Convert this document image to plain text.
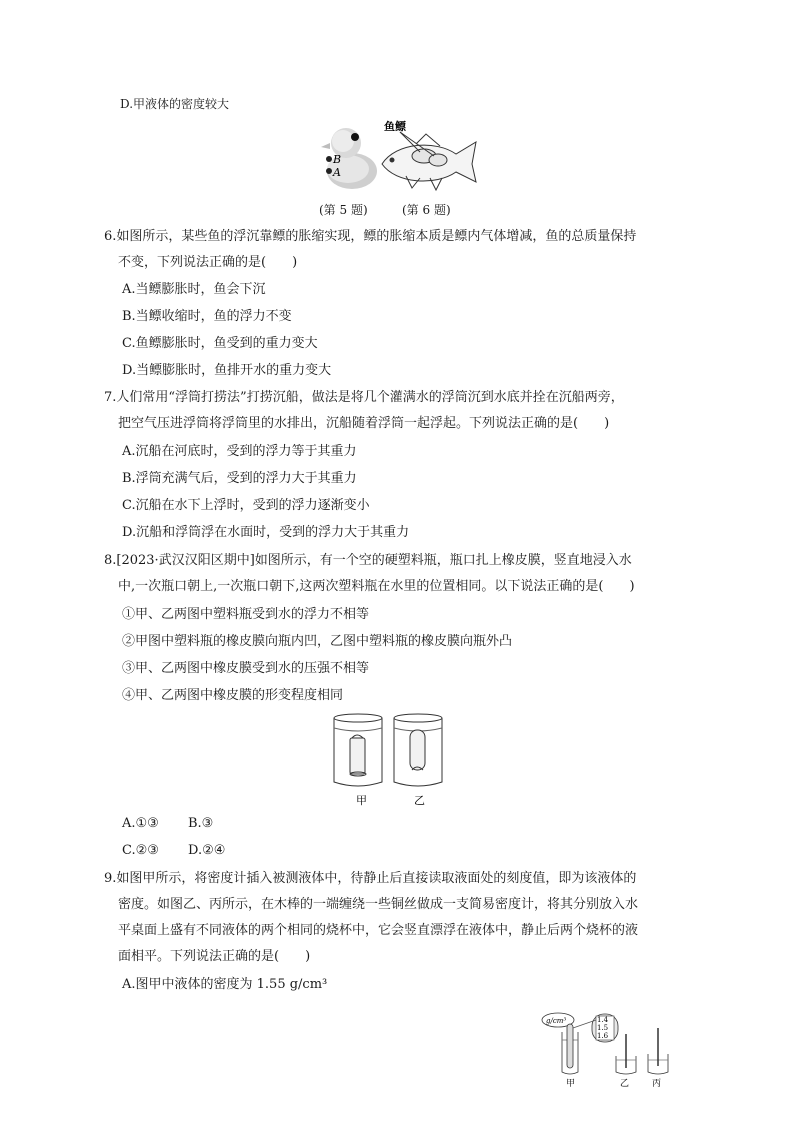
D.甲液体的密度较大
B
A
鱼鳔
(第 5 题)	(第 6 题)
6.如图所示，某些鱼的浮沉靠鳔的胀缩实现，鳔的胀缩本质是鳔内气体增减，鱼的总质量保持
不变，下列说法正确的是(　　)
A.当鳔膨胀时，鱼会下沉
B.当鳔收缩时，鱼的浮力不变
C.鱼鳔膨胀时，鱼受到的重力变大
D.当鳔膨胀时，鱼排开水的重力变大
7.人们常用“浮筒打捞法”打捞沉船，做法是将几个灌满水的浮筒沉到水底并拴在沉船两旁，
把空气压进浮筒将浮筒里的水排出，沉船随着浮筒一起浮起。下列说法正确的是(　　)
A.沉船在河底时，受到的浮力等于其重力
B.浮筒充满气后，受到的浮力大于其重力
C.沉船在水下上浮时，受到的浮力逐渐变小
D.沉船和浮筒浮在水面时，受到的浮力大于其重力
8.[2023·武汉汉阳区期中]如图所示，有一个空的硬塑料瓶，瓶口扎上橡皮膜，竖直地浸入水
中,一次瓶口朝上,一次瓶口朝下,这两次塑料瓶在水里的位置相同。以下说法正确的是(　　)
①甲、乙两图中塑料瓶受到水的浮力不相等
②甲图中塑料瓶的橡皮膜向瓶内凹，乙图中塑料瓶的橡皮膜向瓶外凸
③甲、乙两图中橡皮膜受到水的压强不相等
④甲、乙两图中橡皮膜的形变程度相同
甲	乙
A.①③ B.③
C.②③ D.②④
9.如图甲所示，将密度计插入被测液体中，待静止后直接读取液面处的刻度值，即为该液体的
密度。如图乙、丙所示，在木棒的一端缠绕一些铜丝做成一支简易密度计，将其分别放入水
平桌面上盛有不同液体的两个相同的烧杯中，它会竖直漂浮在液体中，静止后两个烧杯的液
面相平。下列说法正确的是(　　)
A.图甲中液体的密度为 1.55 g/cm³
g/cm³	1.4
1.5
1.6
甲	乙	丙
